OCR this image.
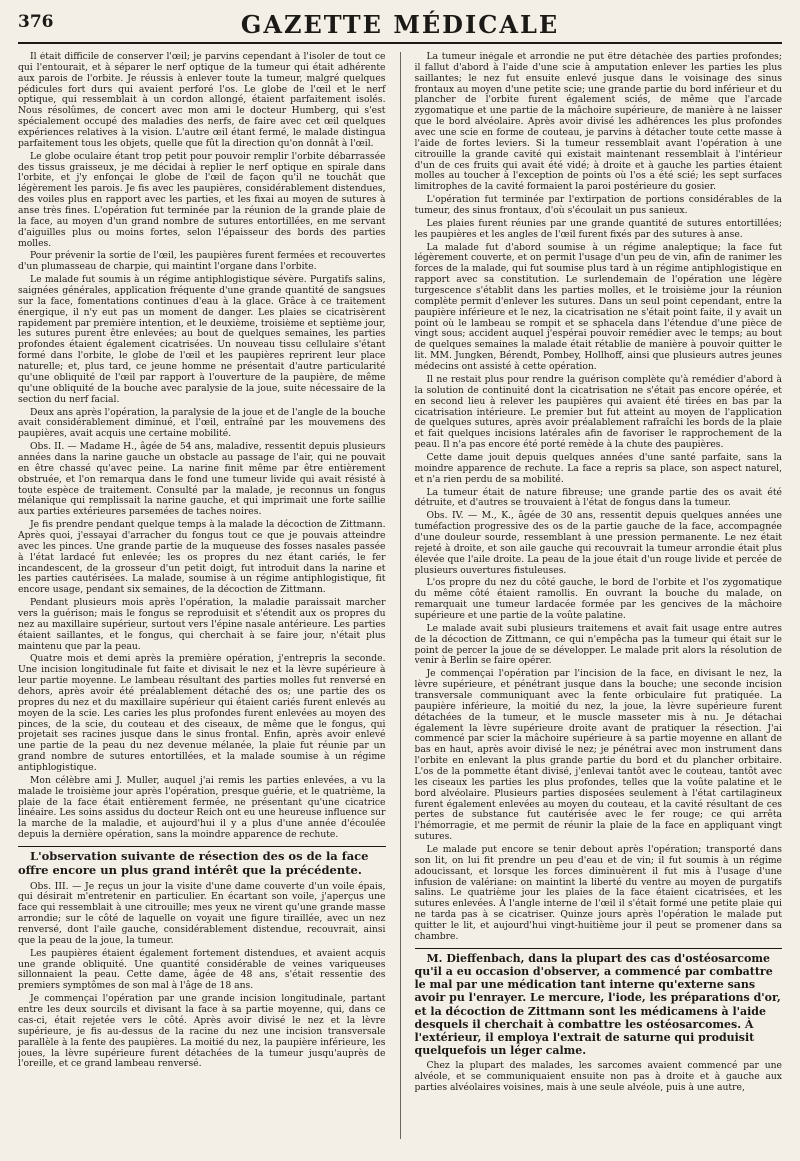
376	GAZETTE MÉDICALE

Il était difficile de conserver l'œil; je parvins cependant à l'isoler de tout ce qui l'entourait, et à séparer le nerf optique de la tumeur qui était adhérente aux parois de l'orbite. Je réussis à enlever toute la tumeur, malgré quelques pédicules fort durs qui avaient perforé l'os. Le globe de l'œil et le nerf optique, qui ressemblait à un cordon allongé, étaient parfaitement isolés. Nous résolûmes, de concert avec mon ami le docteur Humberg, qui s'est spécialement occupé des maladies des nerfs, de faire avec cet œil quelques expériences relatives à la vision. L'autre œil étant fermé, le malade distingua parfaitement tous les objets, quelle que fût la direction qu'on donnât à l'œil.

Le globe oculaire étant trop petit pour pouvoir remplir l'orbite débarrassée des tissus graisseux, je me décidai à replier le nerf optique en spirale dans l'orbite, et j'y enfonçai le globe de l'œil de façon qu'il ne touchât que légèrement les parois. Je fis avec les paupières, considérablement distendues, des voiles plus en rapport avec les parties, et les fixai au moyen de sutures à anse très fines. L'opération fut terminée par la réunion de la grande plaie de la face, au moyen d'un grand nombre de sutures entortillées, en me servant d'aiguilles plus ou moins fortes, selon l'épaisseur des bords des parties molles.

Pour prévenir la sortie de l'œil, les paupières furent fermées et recouvertes d'un plumasseau de charpie, qui maintint l'organe dans l'orbite.

Le malade fut soumis à un régime antiphlogistique sévère. Purgatifs salins, saignées générales, application fréquente d'une grande quantité de sangsues sur la face, fomentations continues d'eau à la glace. Grâce à ce traitement énergique, il n'y eut pas un moment de danger. Les plaies se cicatrisèrent rapidement par première intention, et le deuxième, troisième et septième jour, les sutures purent être enlevées; au bout de quelques semaines, les parties profondes étaient également cicatrisées. Un nouveau tissu cellulaire s'étant formé dans l'orbite, le globe de l'œil et les paupières reprirent leur place naturelle; et, plus tard, ce jeune homme ne présentait d'autre particularité qu'une obliquité de l'œil par rapport à l'ouverture de la paupière, de même qu'une obliquité de la bouche avec paralysie de la joue, suite nécessaire de la section du nerf facial.

Deux ans après l'opération, la paralysie de la joue et de l'angle de la bouche avait considérablement diminué, et l'œil, entraîné par les mouvemens des paupières, avait acquis une certaine mobilité.

Obs. II. — Madame H., âgée de 54 ans, maladive, ressentit depuis plusieurs années dans la narine gauche un obstacle au passage de l'air, qui ne pouvait en être chassé qu'avec peine. La narine finit même par être entièrement obstruée, et l'on remarqua dans le fond une tumeur livide qui avait résisté à toute espèce de traitement. Consulté par la malade, je reconnus un fongus mélanique qui remplissait la narine gauche, et qui imprimait une forte saillie aux parties extérieures parsemées de taches noires.

Je fis prendre pendant quelque temps à la malade la décoction de Zittmann. Après quoi, j'essayai d'arracher du fongus tout ce que je pouvais atteindre avec les pinces. Une grande partie de la muqueuse des fosses nasales passée à l'état lardacé fut enlevée; les os propres du nez étant cariés, le fer incandescent, de la grosseur d'un petit doigt, fut introduit dans la narine et les parties cautérisées. La malade, soumise à un régime antiphlogistique, fit encore usage, pendant six semaines, de la décoction de Zittmann.

Pendant plusieurs mois après l'opération, la maladie paraissait marcher vers la guérison; mais le fongus se reproduisit et s'étendit aux os propres du nez au maxillaire supérieur, surtout vers l'épine nasale antérieure. Les parties étaient saillantes, et le fongus, qui cherchait à se faire jour, n'était plus maintenu que par la peau.

Quatre mois et demi après la première opération, j'entrepris la seconde. Une incision longitudinale fut faite et divisait le nez et la lèvre supérieure à leur partie moyenne. Le lambeau résultant des parties molles fut renversé en dehors, après avoir été préalablement détaché des os; une partie des os propres du nez et du maxillaire supérieur qui étaient cariés furent enlevés au moyen de la scie. Les caries les plus profondes furent enlevées au moyen des pinces, de la scie, du couteau et des ciseaux, de même que le fongus, qui projetait ses racines jusque dans le sinus frontal. Enfin, après avoir enlevé une partie de la peau du nez devenue mélanée, la plaie fut réunie par un grand nombre de sutures entortillées, et la malade soumise à un régime antiphlogistique.

Mon célèbre ami J. Muller, auquel j'ai remis les parties enlevées, a vu la malade le troisième jour après l'opération, presque guérie, et le quatrième, la plaie de la face était entièrement fermée, ne présentant qu'une cicatrice linéaire. Les soins assidus du docteur Reich ont eu une heureuse influence sur la marche de la maladie, et aujourd'hui il y a plus d'une année d'écoulée depuis la dernière opération, sans la moindre apparence de rechute.

L'observation suivante de résection des os de la face offre encore un plus grand intérêt que la précédente.

Obs. III. — Je reçus un jour la visite d'une dame couverte d'un voile épais, qui désirait m'entretenir en particulier. En écartant son voile, j'aperçus une face qui ressemblait à une citrouille; mes yeux ne virent qu'une grande masse arrondie; sur le côté de laquelle on voyait une figure tiraillée, avec un nez renversé, dont l'aile gauche, considérablement distendue, recouvrait, ainsi que la peau de la joue, la tumeur.

Les paupières étaient également fortement distendues, et avaient acquis une grande obliquité. Une quantité considérable de veines variqueuses sillonnaient la peau. Cette dame, âgée de 48 ans, s'était ressentie des premiers symptômes de son mal à l'âge de 18 ans.

Je commençai l'opération par une grande incision longitudinale, partant entre les deux sourcils et divisant la face à sa partie moyenne, qui, dans ce cas-ci, était rejetée vers le côté. Après avoir divisé le nez et la lèvre supérieure, je fis au-dessus de la racine du nez une incision transversale parallèle à la fente des paupières. La moitié du nez, la paupière inférieure, les joues, la lèvre supérieure furent détachées de la tumeur jusqu'auprès de l'oreille, et ce grand lambeau renversé.

La tumeur inégale et arrondie ne put être détachée des parties profondes; il fallut d'abord à l'aide d'une scie à amputation enlever les parties les plus saillantes; le nez fut ensuite enlevé jusque dans le voisinage des sinus frontaux au moyen d'une petite scie; une grande partie du bord inférieur et du plancher de l'orbite furent également sciés, de même que l'arcade zygomatique et une partie de la mâchoire supérieure, de manière à ne laisser que le bord alvéolaire. Après avoir divisé les adhérences les plus profondes avec une scie en forme de couteau, je parvins à détacher toute cette masse à l'aide de fortes leviers. Si la tumeur ressemblait avant l'opération à une citrouille la grande cavité qui existait maintenant ressemblait à l'intérieur d'un de ces fruits qui avait été vidé; à droite et à gauche les parties étaient molles au toucher à l'exception de points où l'os a été scié; les sept surfaces limitrophes de la cavité formaient la paroi postérieure du gosier.

L'opération fut terminée par l'extirpation de portions considérables de la tumeur, des sinus frontaux, d'où s'écoulait un pus sanieux.

Les plaies furent réunies par une grande quantité de sutures entortillées; les paupières et les angles de l'œil furent fixés par des sutures à anse.

La malade fut d'abord soumise à un régime analeptique; la face fut légèrement couverte, et on permit l'usage d'un peu de vin, afin de ranimer les forces de la malade, qui fut soumise plus tard à un régime antiphlogistique en rapport avec sa constitution. Le surlendemain de l'opération une légère turgescence s'établit dans les parties molles, et le troisième jour la réunion complète permit d'enlever les sutures. Dans un seul point cependant, entre la paupière inférieure et le nez, la cicatrisation ne s'était point faite, il y avait un point où le lambeau se rompit et se sphacela dans l'étendue d'une pièce de vingt sous; accident auquel j'espérai pouvoir remédier avec le temps; au bout de quelques semaines la malade était rétablie de manière à pouvoir quitter le lit. MM. Jungken, Bérendt, Pombey, Hollhoff, ainsi que plusieurs autres jeunes médecins ont assisté à cette opération.

Il ne restait plus pour rendre la guérison complète qu'à remédier d'abord à la solution de continuité dont la cicatrisation ne s'était pas encore opérée, et en second lieu à relever les paupières qui avaient été tirées en bas par la cicatrisation intérieure. Le premier but fut atteint au moyen de l'application de quelques sutures, après avoir préalablement rafraîchi les bords de la plaie et fait quelques incisions latérales afin de favoriser le rapprochement de la peau. Il n'a pas encore été porté remède à la chute des paupières.

Cette dame jouit depuis quelques années d'une santé parfaite, sans la moindre apparence de rechute. La face a repris sa place, son aspect naturel, et n'a rien perdu de sa mobilité.

La tumeur était de nature fibreuse; une grande partie des os avait été détruite, et d'autres se trouvaient à l'état de fongus dans la tumeur.

Obs. IV. — M., K., âgée de 30 ans, ressentit depuis quelques années une tuméfaction progressive des os de la partie gauche de la face, accompagnée d'une douleur sourde, ressemblant à une pression permanente. Le nez était rejeté à droite, et son aile gauche qui recouvrait la tumeur arrondie était plus élevée que l'aile droite. La peau de la joue était d'un rouge livide et percée de plusieurs ouvertures fistuleuses.

L'os propre du nez du côté gauche, le bord de l'orbite et l'os zygomatique du même côté étaient ramollis. En ouvrant la bouche du malade, on remarquait une tumeur lardacée formée par les gencives de la mâchoire supérieure et une partie de la voûte palatine.

Le malade avait subi plusieurs traitemens et avait fait usage entre autres de la décoction de Zittmann, ce qui n'empêcha pas la tumeur qui était sur le point de percer la joue de se développer. Le malade prit alors la résolution de venir à Berlin se faire opérer.

Je commençai l'opération par l'incision de la face, en divisant le nez, la lèvre supérieure, et pénétrant jusque dans la bouche; une seconde incision transversale communiquant avec la fente orbiculaire fut pratiquée. La paupière inférieure, la moitié du nez, la joue, la lèvre supérieure furent détachées de la tumeur, et le muscle masseter mis à nu. Je détachai également la lèvre supérieure droite avant de pratiquer la résection. J'ai commencé par scier la mâchoire supérieure à sa partie moyenne en allant de bas en haut, après avoir divisé le nez; je pénétrai avec mon instrument dans l'orbite en enlevant la plus grande partie du bord et du plancher orbitaire. L'os de la pommette étant divisé, j'enlevai tantôt avec le couteau, tantôt avec les ciseaux les parties les plus profondes, telles que la voûte palatine et le bord alvéolaire. Plusieurs parties disposées seulement à l'état cartilagineux furent également enlevées au moyen du couteau, et la cavité résultant de ces pertes de substance fut cautérisée avec le fer rouge; ce qui arrêta l'hémorragie, et me permit de réunir la plaie de la face en appliquant vingt sutures.

Le malade put encore se tenir debout après l'opération; transporté dans son lit, on lui fit prendre un peu d'eau et de vin; il fut soumis à un régime adoucissant, et lorsque les forces diminuèrent il fut mis à l'usage d'une infusion de valériane: on maintint la liberté du ventre au moyen de purgatifs salins. Le quatrième jour les plaies de la face étaient cicatrisées, et les sutures enlevées. À l'angle interne de l'œil il s'était formé une petite plaie qui ne tarda pas à se cicatriser. Quinze jours après l'opération le malade put quitter le lit, et aujourd'hui vingt-huitième jour il peut se promener dans sa chambre.

M. Dieffenbach, dans la plupart des cas d'ostéosarcome qu'il a eu occasion d'observer, a commencé par combattre le mal par une médication tant interne qu'externe sans avoir pu l'enrayer. Le mercure, l'iode, les préparations d'or, et la décoction de Zittmann sont les médicamens à l'aide desquels il cherchait à combattre les ostéosarcomes. À l'extérieur, il employa l'extrait de saturne qui produisit quelquefois un léger calme.

Chez la plupart des malades, les sarcomes avaient commencé par une alvéole, et se communiquaient ensuite non pas à droite et à gauche aux parties alvéolaires voisines, mais à une seule alvéole, puis à une autre,
